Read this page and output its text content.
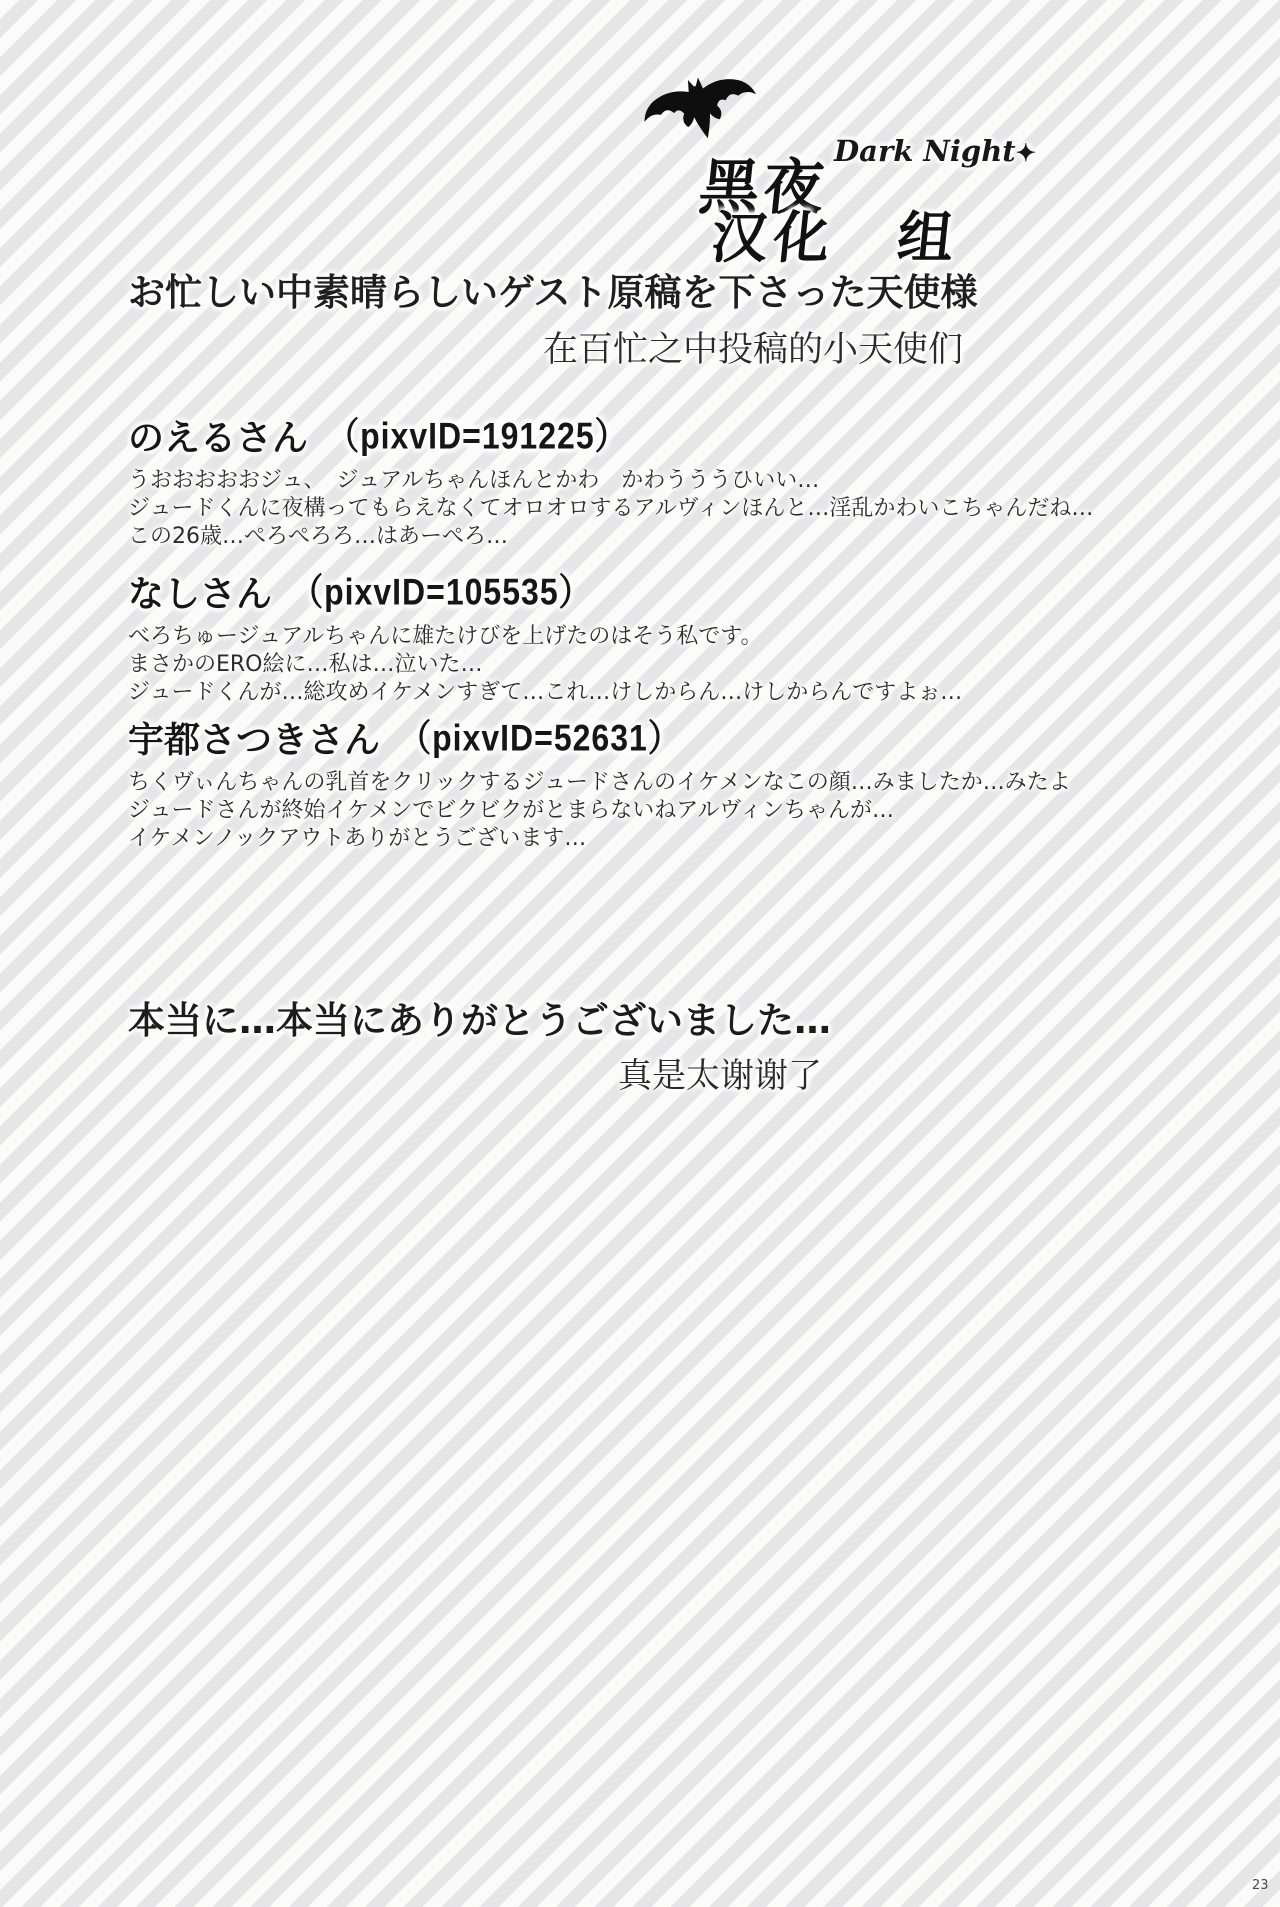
黑夜
Dark Night✦
汉化　组
お忙しい中素晴らしいゲスト原稿を下さった天使様
在百忙之中投稿的小天使们
のえるさん （pixvID=191225）
うおおおおおジュ、　ジュアルちゃんほんとかわ　かわうううひいい…
ジュードくんに夜構ってもらえなくてオロオロするアルヴィンほんと…淫乱かわいこちゃんだね…
この26歳…ぺろぺろろ…はあーぺろ…
なしさん （pixvID=105535）
べろちゅージュアルちゃんに雄たけびを上げたのはそう私です。
まさかのERO絵に…私は…泣いた…
ジュードくんが…総攻めイケメンすぎて…これ…けしからん…けしからんですよぉ…
宇都さつきさん （pixvID=52631）
ちくヴぃんちゃんの乳首をクリックするジュードさんのイケメンなこの顔…みましたか…みたよ
ジュードさんが終始イケメンでビクビクがとまらないねアルヴィンちゃんが…
イケメンノックアウトありがとうございます…
本当に…本当にありがとうございました…
真是太谢谢了
23
